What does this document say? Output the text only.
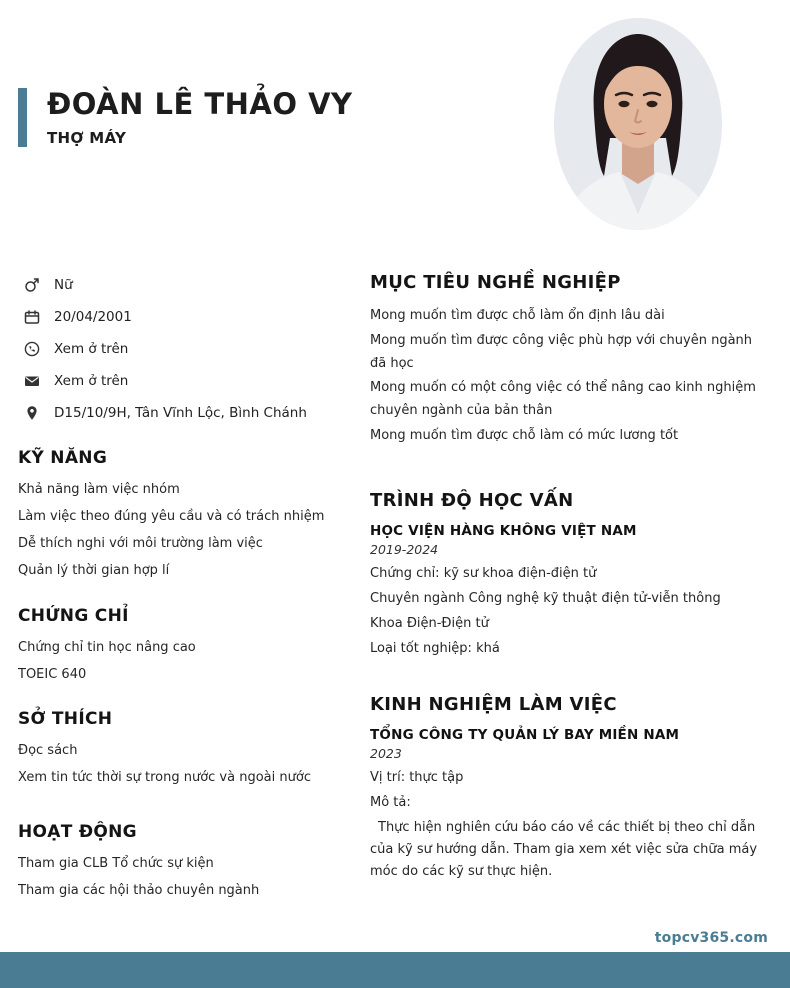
ĐOÀN LÊ THẢO VY
THỢ MÁY
Nữ
20/04/2001
Xem ở trên
Xem ở trên
D15/10/9H, Tân Vĩnh Lộc, Bình Chánh
KỸ NĂNG
Khả năng làm việc nhóm
Làm việc theo đúng yêu cầu và có trách nhiệm
Dễ thích nghi với môi trường làm việc
Quản lý thời gian hợp lí
CHỨNG CHỈ
Chứng chỉ tin học nâng cao
TOEIC 640
SỞ THÍCH
Đọc sách
Xem tin tức thời sự trong nước và ngoài nước
HOẠT ĐỘNG
Tham gia CLB Tổ chức sự kiện
Tham gia các hội thảo chuyên ngành
MỤC TIÊU NGHỀ NGHIỆP
Mong muốn tìm được chỗ làm ổn định lâu dài
Mong muốn tìm được công việc phù hợp với chuyên ngành đã học
Mong muốn có một công việc có thể nâng cao kinh nghiệm chuyên ngành của bản thân
Mong muốn tìm được chỗ làm có mức lương tốt
TRÌNH ĐỘ HỌC VẤN
HỌC VIỆN HÀNG KHÔNG VIỆT NAM
2019-2024
Chứng chỉ: kỹ sư khoa điện-điện tử
Chuyên ngành Công nghệ kỹ thuật điện tử-viễn thông
Khoa Điện-Điện tử
Loại tốt nghiệp: khá
KINH NGHIỆM LÀM VIỆC
TỔNG CÔNG TY QUẢN LÝ BAY MIỀN NAM
2023
Vị trí: thực tập
Mô tả:
Thực hiện nghiên cứu báo cáo về các thiết bị theo chỉ dẫn của kỹ sư hướng dẫn. Tham gia xem xét việc sửa chữa máy móc do các kỹ sư thực hiện.
topcv365.com
